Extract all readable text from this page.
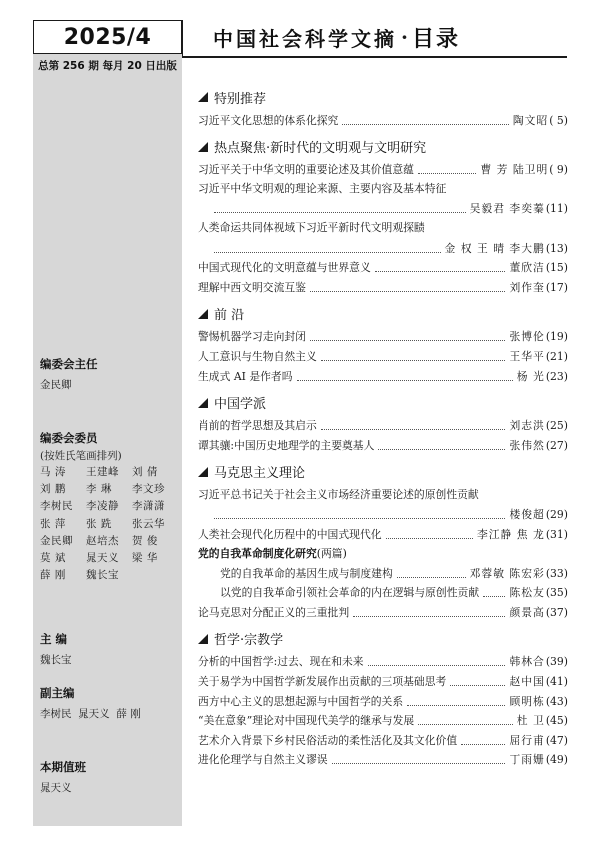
2025/4
总第 256 期 每月 20 日出版
编委会主任
金民卿
编委会委员
(按姓氏笔画排列)
马 涛	王建峰	刘 倩
刘 鹏	李 琳	李文珍
李树民	李凌静	李潇潇
张 萍	张 跣	张云华
金民卿	赵培杰	贺 俊
莫 斌	晁天义	梁 华
薛 刚	魏长宝
主 编
魏长宝
副主编
李树民  晁天义  薛 刚
本期值班
晁天义
中国社会科学文摘 · 目录
特别推荐
习近平文化思想的体系化探究	陶文昭 ( 5)
热点聚焦·新时代的文明观与文明研究
习近平关于中华文明的重要论述及其价值意蕴	曹 芳 陆卫明 ( 9)
习近平中华文明观的理论来源、主要内容及基本特征
吴毅君 李奕蓁 (11)
人类命运共同体视域下习近平新时代文明观探赜
金 权 王 晴 李大鹏 (13)
中国式现代化的文明意蕴与世界意义	董欣洁 (15)
理解中西文明交流互鉴	刘作奎 (17)
前 沿
警惕机器学习走向封闭	张博伦 (19)
人工意识与生物自然主义	王华平 (21)
生成式 AI 是作者吗	杨 光 (23)
中国学派
肖前的哲学思想及其启示	刘志洪 (25)
谭其骧:中国历史地理学的主要奠基人	张伟然 (27)
马克思主义理论
习近平总书记关于社会主义市场经济重要论述的原创性贡献
楼俊超 (29)
人类社会现代化历程中的中国式现代化	李江静 焦 龙 (31)
党的自我革命制度化研究(两篇)
党的自我革命的基因生成与制度建构	邓蓉敏 陈宏彩 (33)
以党的自我革命引领社会革命的内在逻辑与原创性贡献	陈松友 (35)
论马克思对分配正义的三重批判	颜景高 (37)
哲学·宗教学
分析的中国哲学:过去、现在和未来	韩林合 (39)
关于易学为中国哲学新发展作出贡献的三项基础思考	赵中国 (41)
西方中心主义的思想起源与中国哲学的关系	顾明栋 (43)
“美在意象”理论对中国现代美学的继承与发展	杜 卫 (45)
艺术介入背景下乡村民俗活动的柔性活化及其文化价值	屈行甫 (47)
进化伦理学与自然主义谬误	丁雨姗 (49)
